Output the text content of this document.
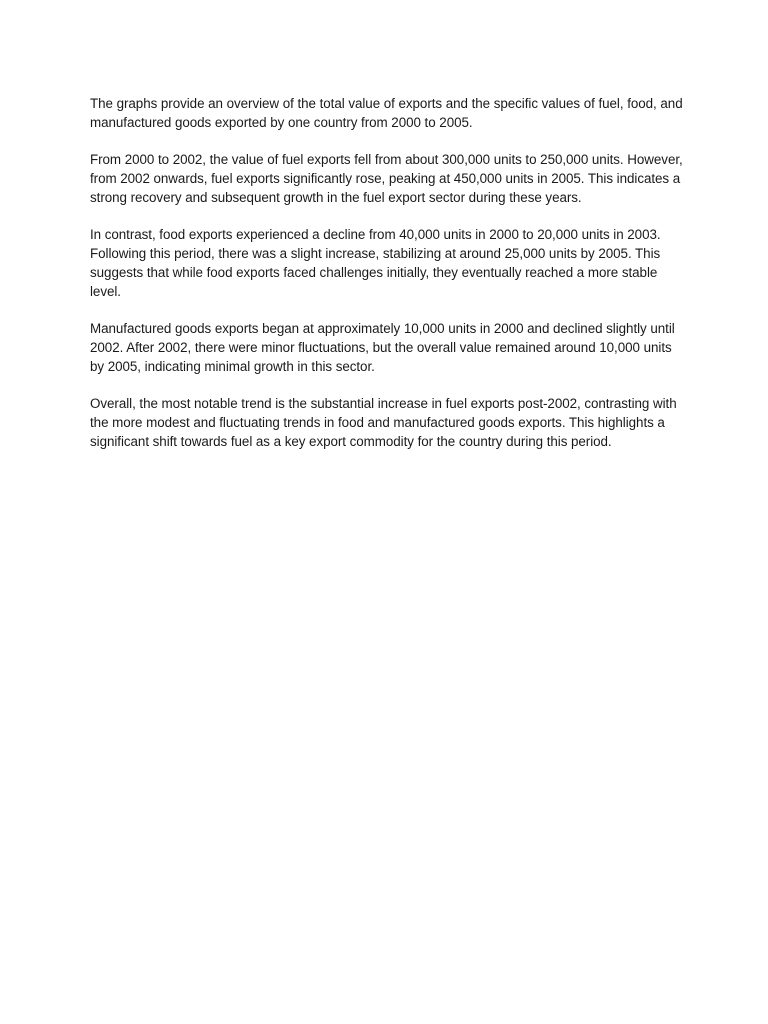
The graphs provide an overview of the total value of exports and the specific values of fuel, food, and manufactured goods exported by one country from 2000 to 2005.

From 2000 to 2002, the value of fuel exports fell from about 300,000 units to 250,000 units. However, from 2002 onwards, fuel exports significantly rose, peaking at 450,000 units in 2005. This indicates a strong recovery and subsequent growth in the fuel export sector during these years.

In contrast, food exports experienced a decline from 40,000 units in 2000 to 20,000 units in 2003. Following this period, there was a slight increase, stabilizing at around 25,000 units by 2005. This suggests that while food exports faced challenges initially, they eventually reached a more stable level.

Manufactured goods exports began at approximately 10,000 units in 2000 and declined slightly until 2002. After 2002, there were minor fluctuations, but the overall value remained around 10,000 units by 2005, indicating minimal growth in this sector.

Overall, the most notable trend is the substantial increase in fuel exports post-2002, contrasting with the more modest and fluctuating trends in food and manufactured goods exports. This highlights a significant shift towards fuel as a key export commodity for the country during this period.
